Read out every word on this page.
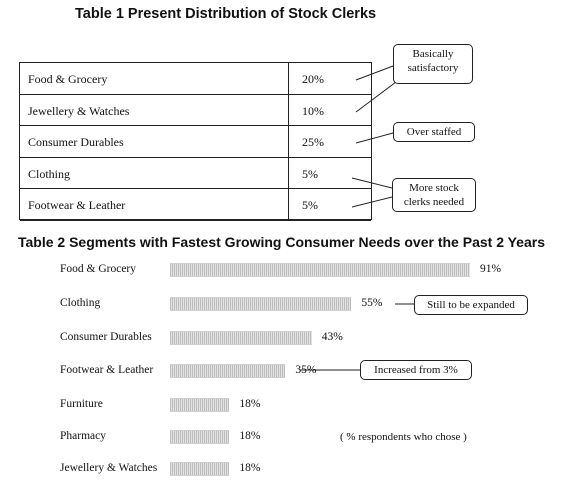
Table 1 Present Distribution of Stock Clerks
Food & Grocery	20%
Jewellery & Watches	10%
Consumer Durables	25%
Clothing	5%
Footwear & Leather	5%
Basically
satisfactory
Over staffed
More stock
clerks needed
Table 2 Segments with Fastest Growing Consumer Needs over the Past 2 Years
Food & Grocery	91%
Clothing	55%
Consumer Durables	43%
Footwear & Leather	35%
Furniture	18%
Pharmacy	18%
Jewellery & Watches	18%
Still to be expanded
Increased from 3%
( % respondents who chose )
